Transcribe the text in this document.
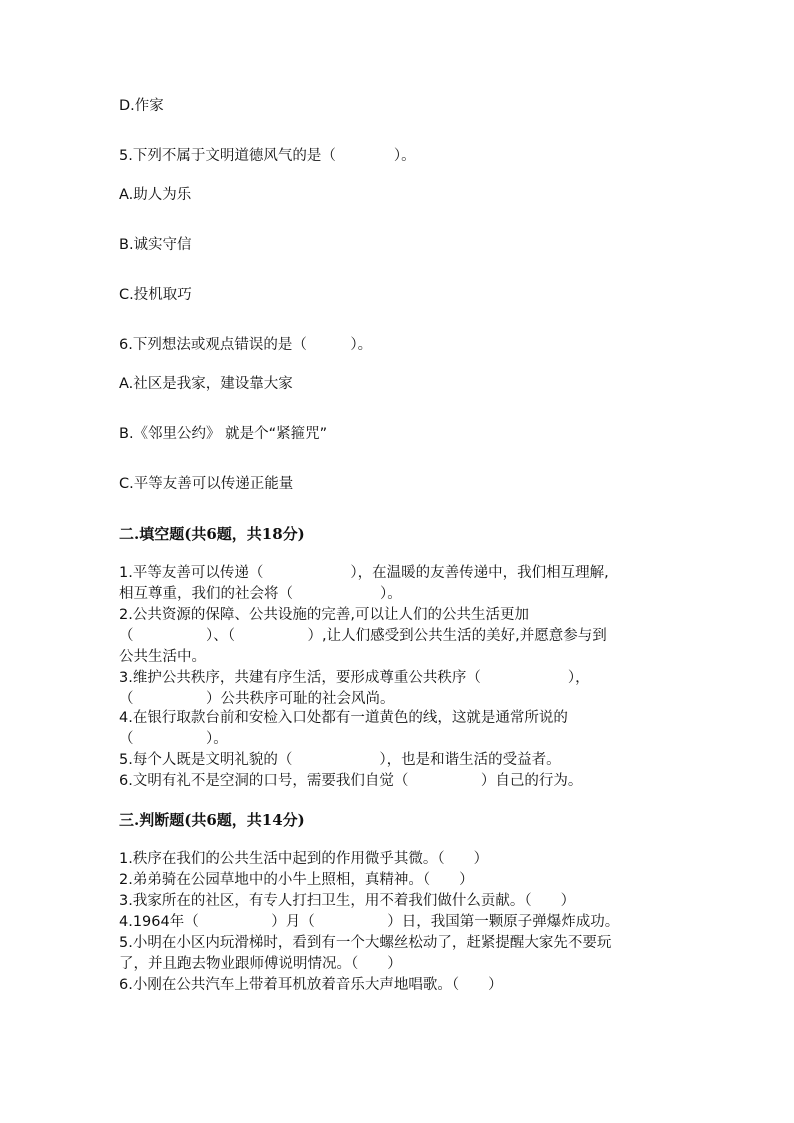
D.作家
5.下列不属于文明道德风气的是（　　　　）。
A.助人为乐
B.诚实守信
C.投机取巧
6.下列想法或观点错误的是（　　　）。
A.社区是我家，建设靠大家
B.《邻里公约》 就是个“紧箍咒”
C.平等友善可以传递正能量
二.填空题(共6题，共18分)
1.平等友善可以传递（　　　　　　），在温暖的友善传递中，我们相互理解,
相互尊重，我们的社会将（　　　　　　）。
2.公共资源的保障、公共设施的完善,可以让人们的公共生活更加
（　　　　　）、（　　　　　）,让人们感受到公共生活的美好,并愿意参与到
公共生活中。
3.维护公共秩序，共建有序生活，要形成尊重公共秩序（　　　　　　），
（　　　　　）公共秩序可耻的社会风尚。
4.在银行取款台前和安检入口处都有一道黄色的线，这就是通常所说的
（　　　　　）。
5.每个人既是文明礼貌的（　　　　　　），也是和谐生活的受益者。
6.文明有礼不是空洞的口号，需要我们自觉（　　　　　）自己的行为。
三.判断题(共6题，共14分)
1.秩序在我们的公共生活中起到的作用微乎其微。（　　）
2.弟弟骑在公园草地中的小牛上照相，真精神。（　　）
3.我家所在的社区，有专人打扫卫生，用不着我们做什么贡献。（　　）
4.1964年（　　　　　）月（　　　　　）日，我国第一颗原子弹爆炸成功。
5.小明在小区内玩滑梯时，看到有一个大螺丝松动了，赶紧提醒大家先不要玩
了，并且跑去物业跟师傅说明情况。（　　）
6.小刚在公共汽车上带着耳机放着音乐大声地唱歌。（　　）
